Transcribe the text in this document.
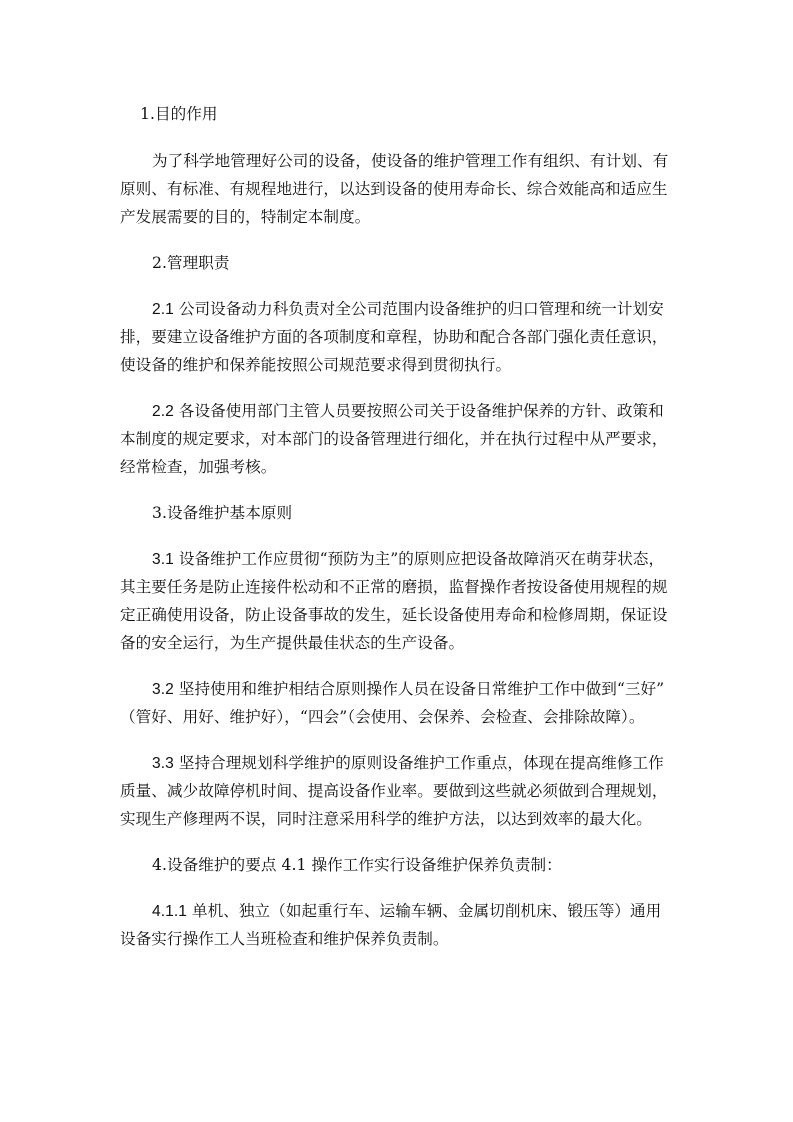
1.目的作用
为了科学地管理好公司的设备，使设备的维护管理工作有组织、有计划、有
原则、有标准、有规程地进行，以达到设备的使用寿命长、综合效能高和适应生
产发展需要的目的，特制定本制度。
2.管理职责
2.1 公司设备动力科负责对全公司范围内设备维护的归口管理和统一计划安
排，要建立设备维护方面的各项制度和章程，协助和配合各部门强化责任意识，
使设备的维护和保养能按照公司规范要求得到贯彻执行。
2.2 各设备使用部门主管人员要按照公司关于设备维护保养的方针、政策和
本制度的规定要求，对本部门的设备管理进行细化，并在执行过程中从严要求，
经常检查，加强考核。
3.设备维护基本原则
3.1 设备维护工作应贯彻“预防为主”的原则应把设备故障消灭在萌芽状态，
其主要任务是防止连接件松动和不正常的磨损，监督操作者按设备使用规程的规
定正确使用设备，防止设备事故的发生，延长设备使用寿命和检修周期，保证设
备的安全运行，为生产提供最佳状态的生产设备。
3.2 坚持使用和维护相结合原则操作人员在设备日常维护工作中做到“三好”
（管好、用好、维护好），“四会”（会使用、会保养、会检查、会排除故障）。
3.3 坚持合理规划科学维护的原则设备维护工作重点，体现在提高维修工作
质量、减少故障停机时间、提高设备作业率。要做到这些就必须做到合理规划，
实现生产修理两不误，同时注意采用科学的维护方法，以达到效率的最大化。
4.设备维护的要点 4.1 操作工作实行设备维护保养负责制：
4.1.1 单机、独立（如起重行车、运输车辆、金属切削机床、锻压等）通用
设备实行操作工人当班检查和维护保养负责制。
